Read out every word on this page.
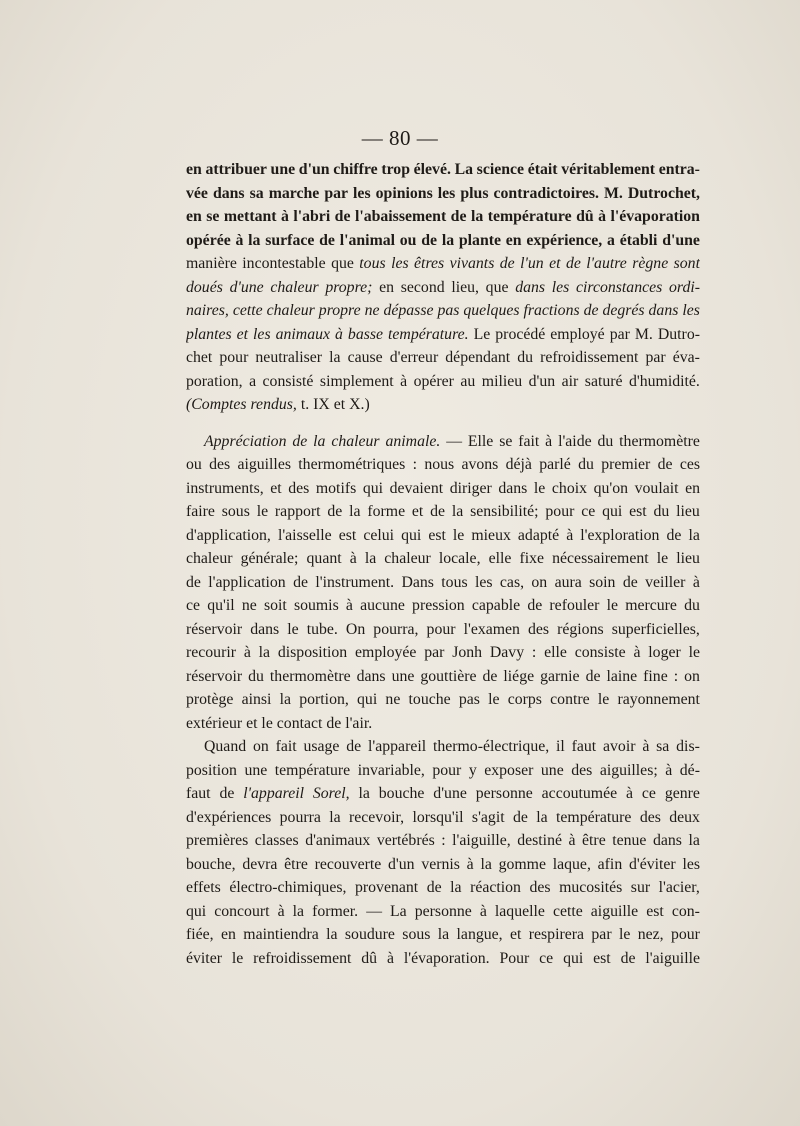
— 80 —
en attribuer une d'un chiffre trop élevé. La science était véritablement entra-
vée dans sa marche par les opinions les plus contradictoires. M. Dutrochet,
en se mettant à l'abri de l'abaissement de la température dû à l'évaporation
opérée à la surface de l'animal ou de la plante en expérience, a établi d'une
manière incontestable que tous les êtres vivants de l'un et de l'autre règne sont
doués d'une chaleur propre; en second lieu, que dans les circonstances ordi-
naires, cette chaleur propre ne dépasse pas quelques fractions de degrés dans les
plantes et les animaux à basse température. Le procédé employé par M. Dutro-
chet pour neutraliser la cause d'erreur dépendant du refroidissement par éva-
poration, a consisté simplement à opérer au milieu d'un air saturé d'humidité.
(Comptes rendus, t. IX et X.)
Appréciation de la chaleur animale. — Elle se fait à l'aide du thermomètre
ou des aiguilles thermométriques : nous avons déjà parlé du premier de ces
instruments, et des motifs qui devaient diriger dans le choix qu'on voulait en
faire sous le rapport de la forme et de la sensibilité; pour ce qui est du lieu
d'application, l'aisselle est celui qui est le mieux adapté à l'exploration de la
chaleur générale; quant à la chaleur locale, elle fixe nécessairement le lieu
de l'application de l'instrument. Dans tous les cas, on aura soin de veiller à
ce qu'il ne soit soumis à aucune pression capable de refouler le mercure du
réservoir dans le tube. On pourra, pour l'examen des régions superficielles,
recourir à la disposition employée par Jonh Davy : elle consiste à loger le
réservoir du thermomètre dans une gouttière de liége garnie de laine fine : on
protège ainsi la portion, qui ne touche pas le corps contre le rayonnement
extérieur et le contact de l'air.
Quand on fait usage de l'appareil thermo-électrique, il faut avoir à sa dis-
position une température invariable, pour y exposer une des aiguilles; à dé-
faut de l'appareil Sorel, la bouche d'une personne accoutumée à ce genre
d'expériences pourra la recevoir, lorsqu'il s'agit de la température des deux
premières classes d'animaux vertébrés : l'aiguille, destiné à être tenue dans la
bouche, devra être recouverte d'un vernis à la gomme laque, afin d'éviter les
effets électro-chimiques, provenant de la réaction des mucosités sur l'acier,
qui concourt à la former. — La personne à laquelle cette aiguille est con-
fiée, en maintiendra la soudure sous la langue, et respirera par le nez, pour
éviter le refroidissement dû à l'évaporation. Pour ce qui est de l'aiguille
